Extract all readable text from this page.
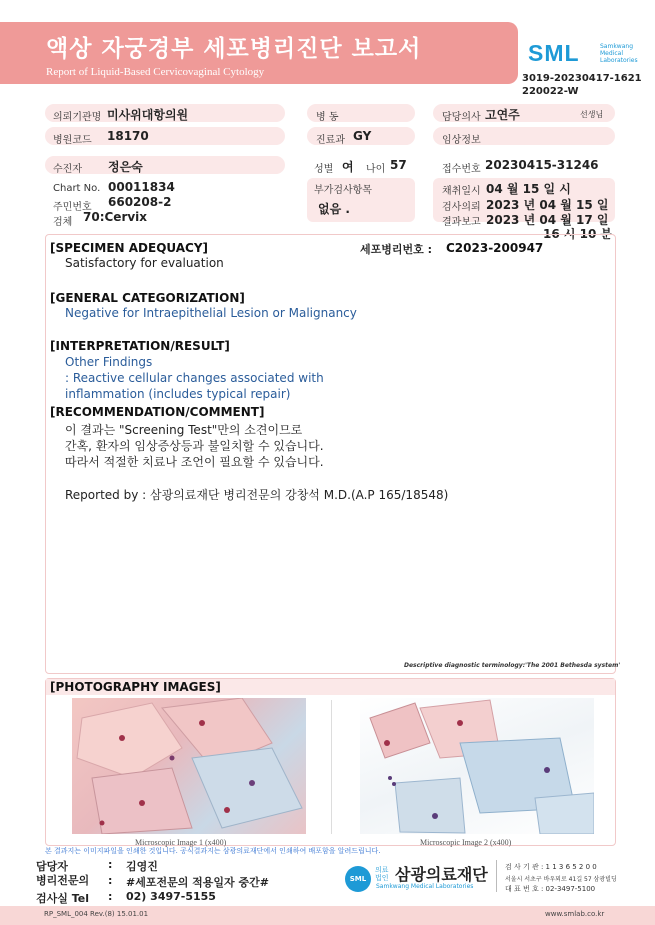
액상 자궁경부 세포병리진단 보고서
Report of Liquid-Based Cervicovaginal Cytology
SML	Samkwang
Medical
Laboratories
3019-20230417-1621
220022-W
의뢰기관명 미사위대항의원	병 동	담당의사 고연주	선생님
병원코드 18170	진료과 GY	임상정보
수진자 정은숙	성별 여 나이 57	접수번호 20230415-31246
Chart No. 00011834
주민번호 660208-2
검체 70:Cervix
부가검사항목
없음 .
채취일시 04 월 15 일 시
검사의뢰 2023 년 04 월 15 일
결과보고 2023 년 04 월 17 일
16 시 10 분
[SPECIMEN ADEQUACY]	세포병리번호 : C2023-200947
Satisfactory for evaluation
[GENERAL CATEGORIZATION]
Negative for Intraepithelial Lesion or Malignancy
[INTERPRETATION/RESULT]
Other Findings
: Reactive cellular changes associated with
inflammation (includes typical repair)
[RECOMMENDATION/COMMENT]
이 결과는 "Screening Test"만의 소견이므로
간혹, 환자의 임상증상등과 불일치할 수 있습니다.
따라서 적절한 치료나 조언이 필요할 수 있습니다.
Reported by : 삼광의료재단 병리전문의 강창석 M.D.(A.P 165/18548)
Descriptive diagnostic terminology:'The 2001 Bethesda system'
[PHOTOGRAPHY IMAGES]
Microscopic Image 1 (x400)	Microscopic Image 2 (x400)
본 결과지는 이미지파일을 인쇄한 것입니다. 공식결과지는 삼광의료재단에서 인쇄하여 배포함을 알려드립니다.
담당자	: 김영진
병리전문의 : #세포전문의 적용일자 중간#
검사실 Tel : 02) 3497-5155
SML
의료
법인 삼광의료재단
Samkwang Medical Laboratories
검 사 기 관 : 1 1 3 6 5 2 0 0
서울시 서초구 바우뫼로 41길 57 삼광빌딩
대 표 번 호 : 02-3497-5100
RP_SML_004 Rev.(8) 15.01.01	www.smlab.co.kr
